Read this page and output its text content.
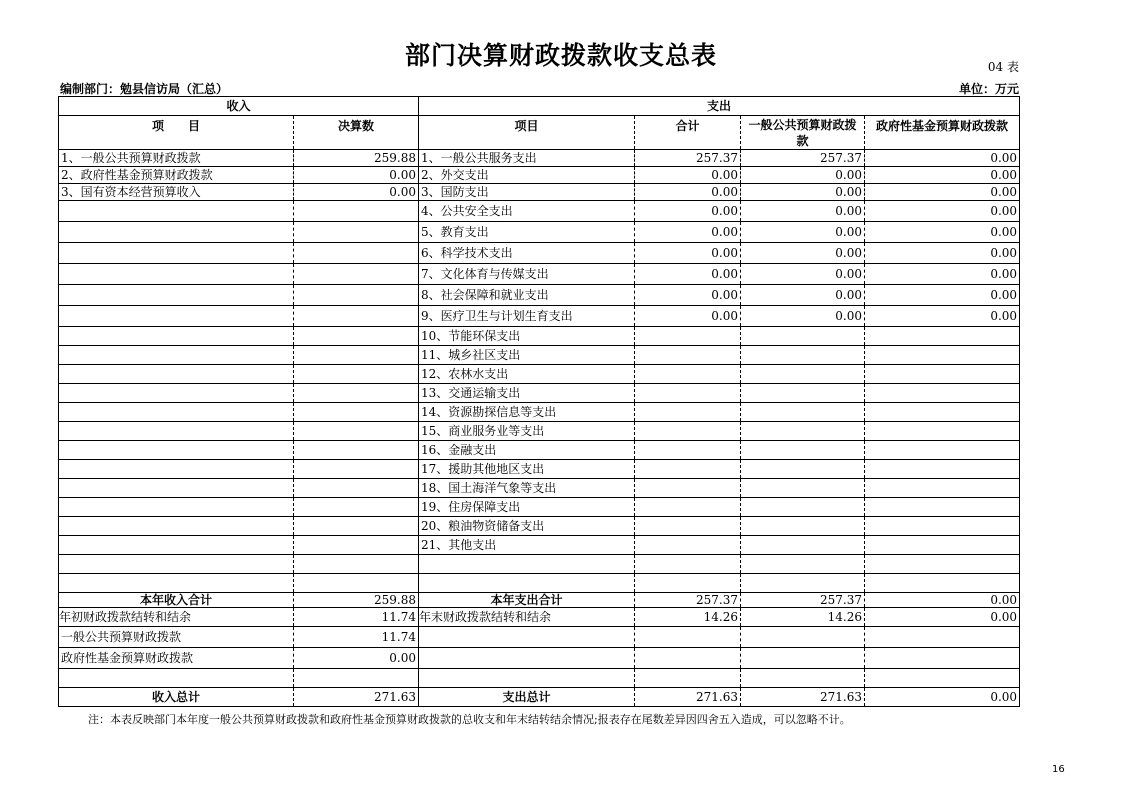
部门决算财政拨款收支总表	04 表
编制部门：勉县信访局（汇总）	单位：万元
收入		支出			
项　　目	决算数	项目	合计	一般公共预算财政拨款	政府性基金预算财政拨款
1、一般公共预算财政拨款	259.88	1、一般公共服务支出	257.37	257.37	0.00
2、政府性基金预算财政拨款	0.00	2、外交支出	0.00	0.00	0.00
3、国有资本经营预算收入	0.00	3、国防支出	0.00	0.00	0.00
		4、公共安全支出	0.00	0.00	0.00
		5、教育支出	0.00	0.00	0.00
		6、科学技术支出	0.00	0.00	0.00
		7、文化体育与传媒支出	0.00	0.00	0.00
		8、社会保障和就业支出	0.00	0.00	0.00
		9、医疗卫生与计划生育支出	0.00	0.00	0.00
		10、节能环保支出			
		11、城乡社区支出			
		12、农林水支出			
		13、交通运输支出			
		14、资源勘探信息等支出			
		15、商业服务业等支出			
		16、金融支出			
		17、援助其他地区支出			
		18、国土海洋气象等支出			
		19、住房保障支出			
		20、粮油物资储备支出			
		21、其他支出			

本年收入合计	259.88	本年支出合计	257.37	257.37	0.00
年初财政拨款结转和结余	11.74	年末财政拨款结转和结余	14.26	14.26	0.00
一般公共预算财政拨款	11.74				
政府性基金预算财政拨款	0.00				

收入总计	271.63	支出总计	271.63	271.63	0.00
注：本表反映部门本年度一般公共预算财政拨款和政府性基金预算财政拨款的总收支和年末结转结余情况;报表存在尾数差异因四舍五入造成，可以忽略不计。
16
